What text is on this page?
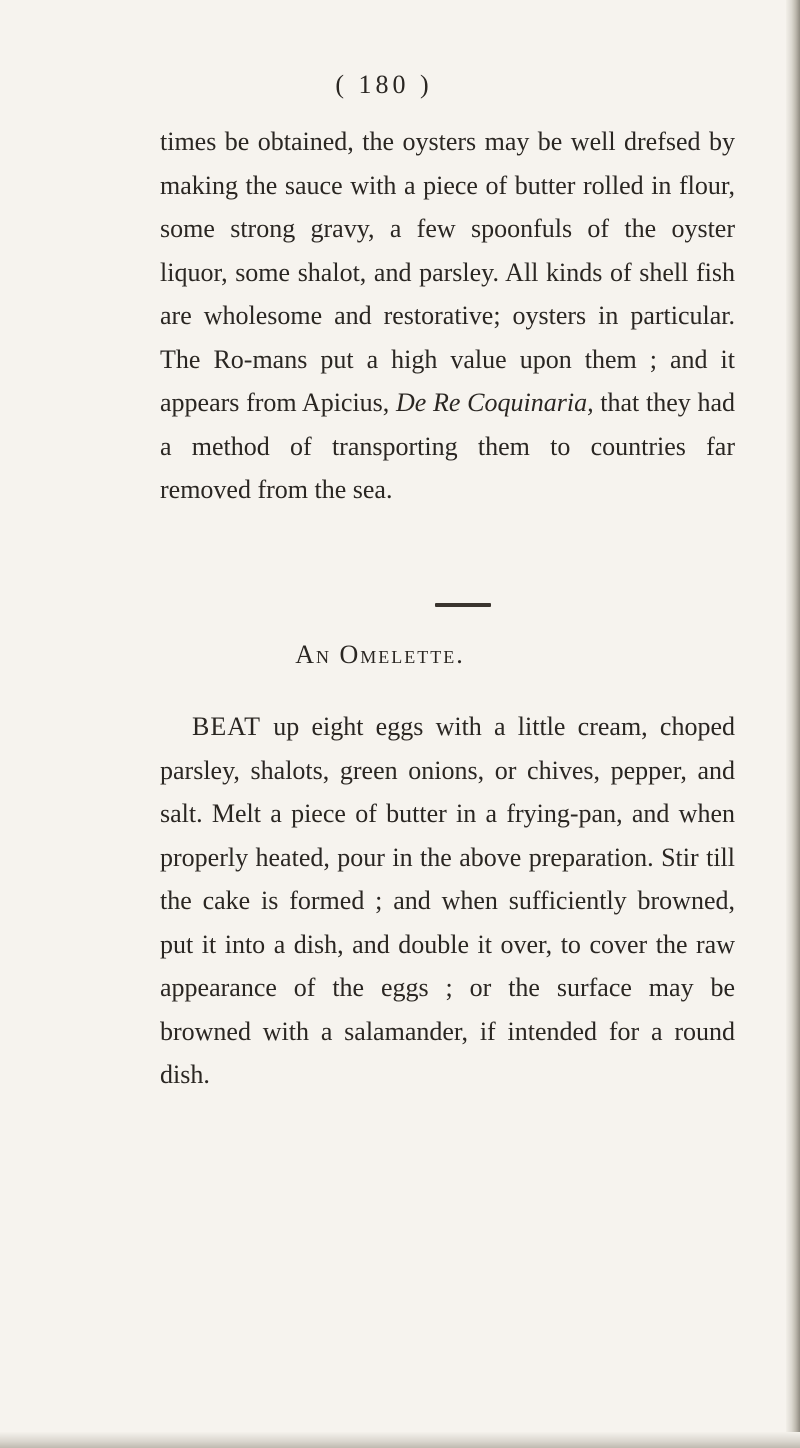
( 180 )

times be obtained, the oysters may be well drefsed by making the sauce with a piece of butter rolled in flour, some strong gravy, a few spoonfuls of the oyster liquor, some shalot, and parsley. All kinds of shell fish are wholesome and restorative; oysters in particular. The Ro-mans put a high value upon them ; and it appears from Apicius, De Re Coquinaria, that they had a method of transporting them to countries far removed from the sea.

An Omelette.

BEAT up eight eggs with a little cream, choped parsley, shalots, green onions, or chives, pepper, and salt. Melt a piece of butter in a frying-pan, and when properly heated, pour in the above preparation. Stir till the cake is formed ; and when sufficiently browned, put it into a dish, and double it over, to cover the raw appearance of the eggs ; or the surface may be browned with a salamander, if intended for a round dish.
